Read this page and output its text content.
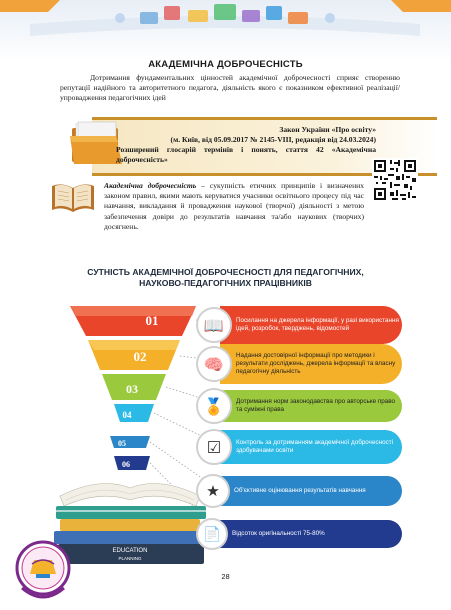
АКАДЕМІЧНА ДОБРОЧЕСНІСТЬ
Дотримання фундаментальних цінностей академічної доброчесності сприяє створенню репутації надійного та авторитетного педагога, діяльність якого є показником ефективної реалізації/упровадження педагогічних ідей
Закон України «Про освіту»
(м. Київ, від 05.09.2017 № 2145-VIII, редакція від 24.03.2024)
Розширений глосарій термінів і понять, стаття 42 «Академічна доброчесність»
Академічна доброчесність – сукупність етичних принципів і визначених законом правил, якими мають керуватися учасники освітнього процесу під час навчання, викладання й провадження наукової (творчої) діяльності з метою забезпечення довіри до результатів навчання та/або наукових (творчих) досягнень.
СУТНІСТЬ АКАДЕМІЧНОЇ ДОБРОЧЕСНОСТІ ДЛЯ ПЕДАГОГІЧНИХ,
НАУКОВО-ПЕДАГОГІЧНИХ ПРАЦІВНИКІВ
01
02
03
04
05
06
EDUCATION
PLANNING
📖	Посилання на джерела інформації, у разі використання ідей, розробок, тверджень, відомостей
🧠	Надання достовірної інформації про методики і результати досліджень, джерела інформації та власну педагогічну діяльність
🏅	Дотримання норм законодавства про авторське право та суміжні права
☑	Контроль за дотриманням академічної доброчесності здобувачами освіти
★	Об'єктивне оцінювання результатів навчання
📄	Відсоток оригінальності 75-80%
28
